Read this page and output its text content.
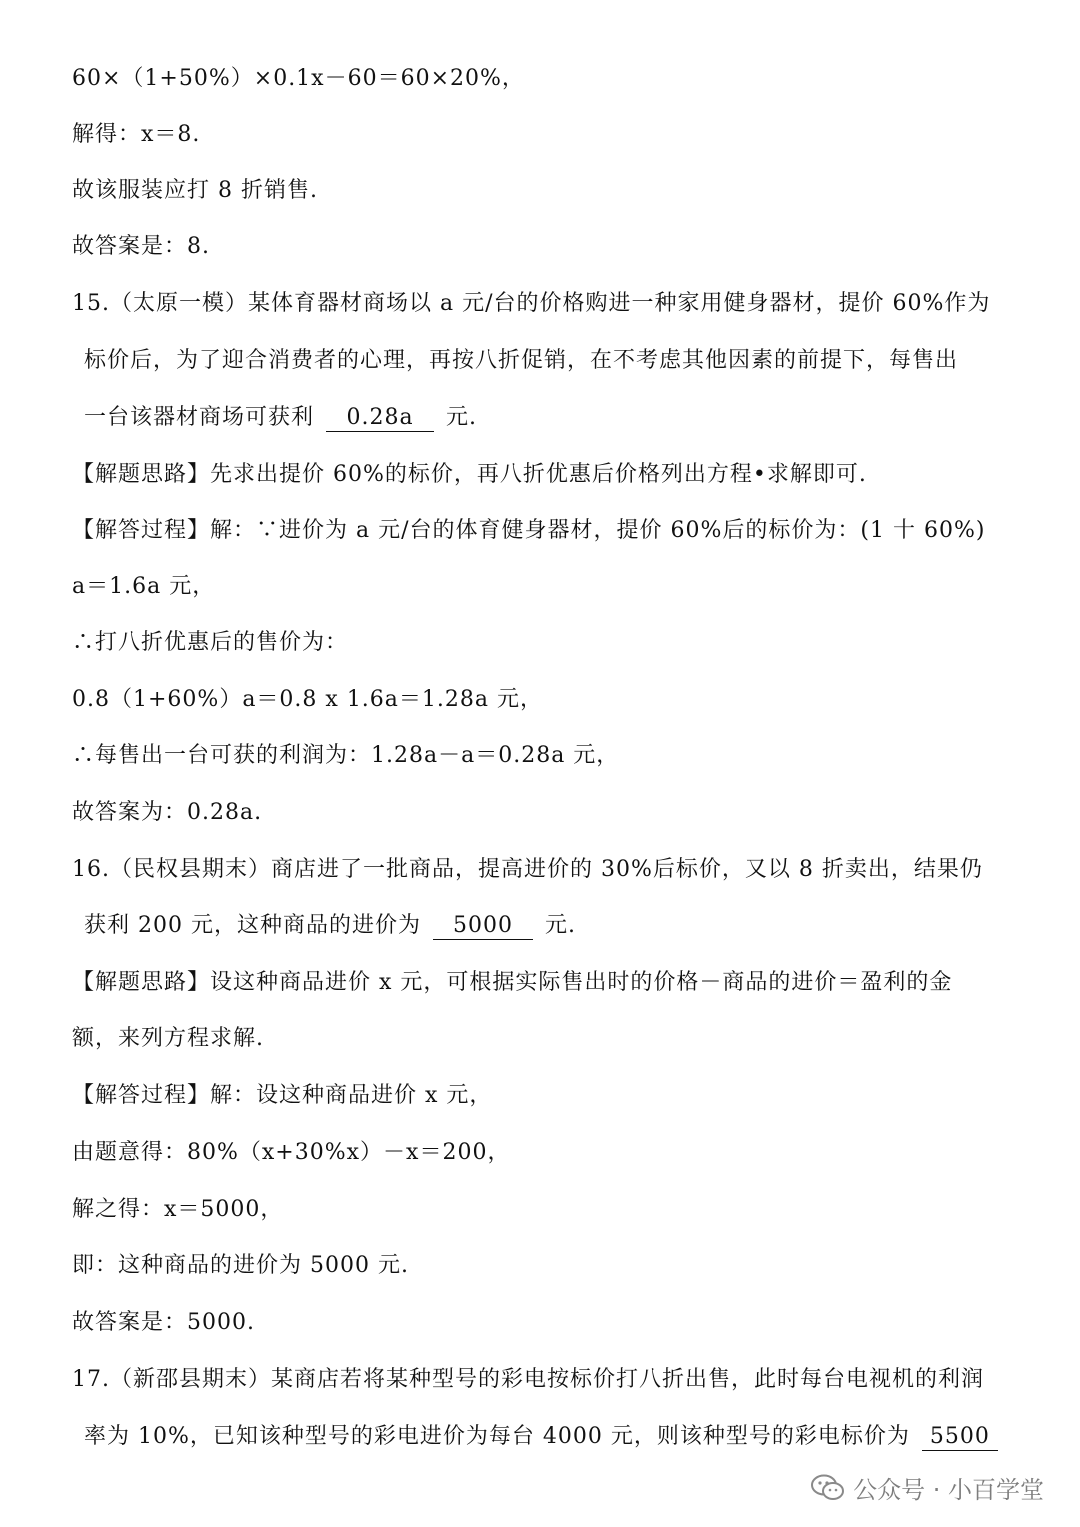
60×（1+50%）×0.1x－60＝60×20%，
解得：x＝8.
故该服装应打 8 折销售.
故答案是：8.
15.（太原一模）某体育器材商场以 a 元/台的价格购进一种家用健身器材，提价 60%作为
标价后，为了迎合消费者的心理，再按八折促销，在不考虑其他因素的前提下，每售出
一台该器材商场可获利 0.28a 元.
【解题思路】先求出提价 60%的标价，再八折优惠后价格列出方程•求解即可.
【解答过程】解：∵进价为 a 元/台的体育健身器材，提价 60%后的标价为：(1 十 60%)
a＝1.6a 元，
∴打八折优惠后的售价为：
0.8（1+60%）a＝0.8 x 1.6a＝1.28a 元，
∴每售出一台可获的利润为：1.28a－a＝0.28a 元，
故答案为：0.28a.
16.（民权县期末）商店进了一批商品，提高进价的 30%后标价，又以 8 折卖出，结果仍
获利 200 元，这种商品的进价为 5000 元.
【解题思路】设这种商品进价 x 元，可根据实际售出时的价格－商品的进价＝盈利的金
额，来列方程求解.
【解答过程】解：设这种商品进价 x 元，
由题意得：80%（x+30%x）－x＝200，
解之得：x＝5000，
即：这种商品的进价为 5000 元.
故答案是：5000.
17.（新邵县期末）某商店若将某种型号的彩电按标价打八折出售，此时每台电视机的利润
率为 10%，已知该种型号的彩电进价为每台 4000 元，则该种型号的彩电标价为 5500
公众号 · 小百学堂
